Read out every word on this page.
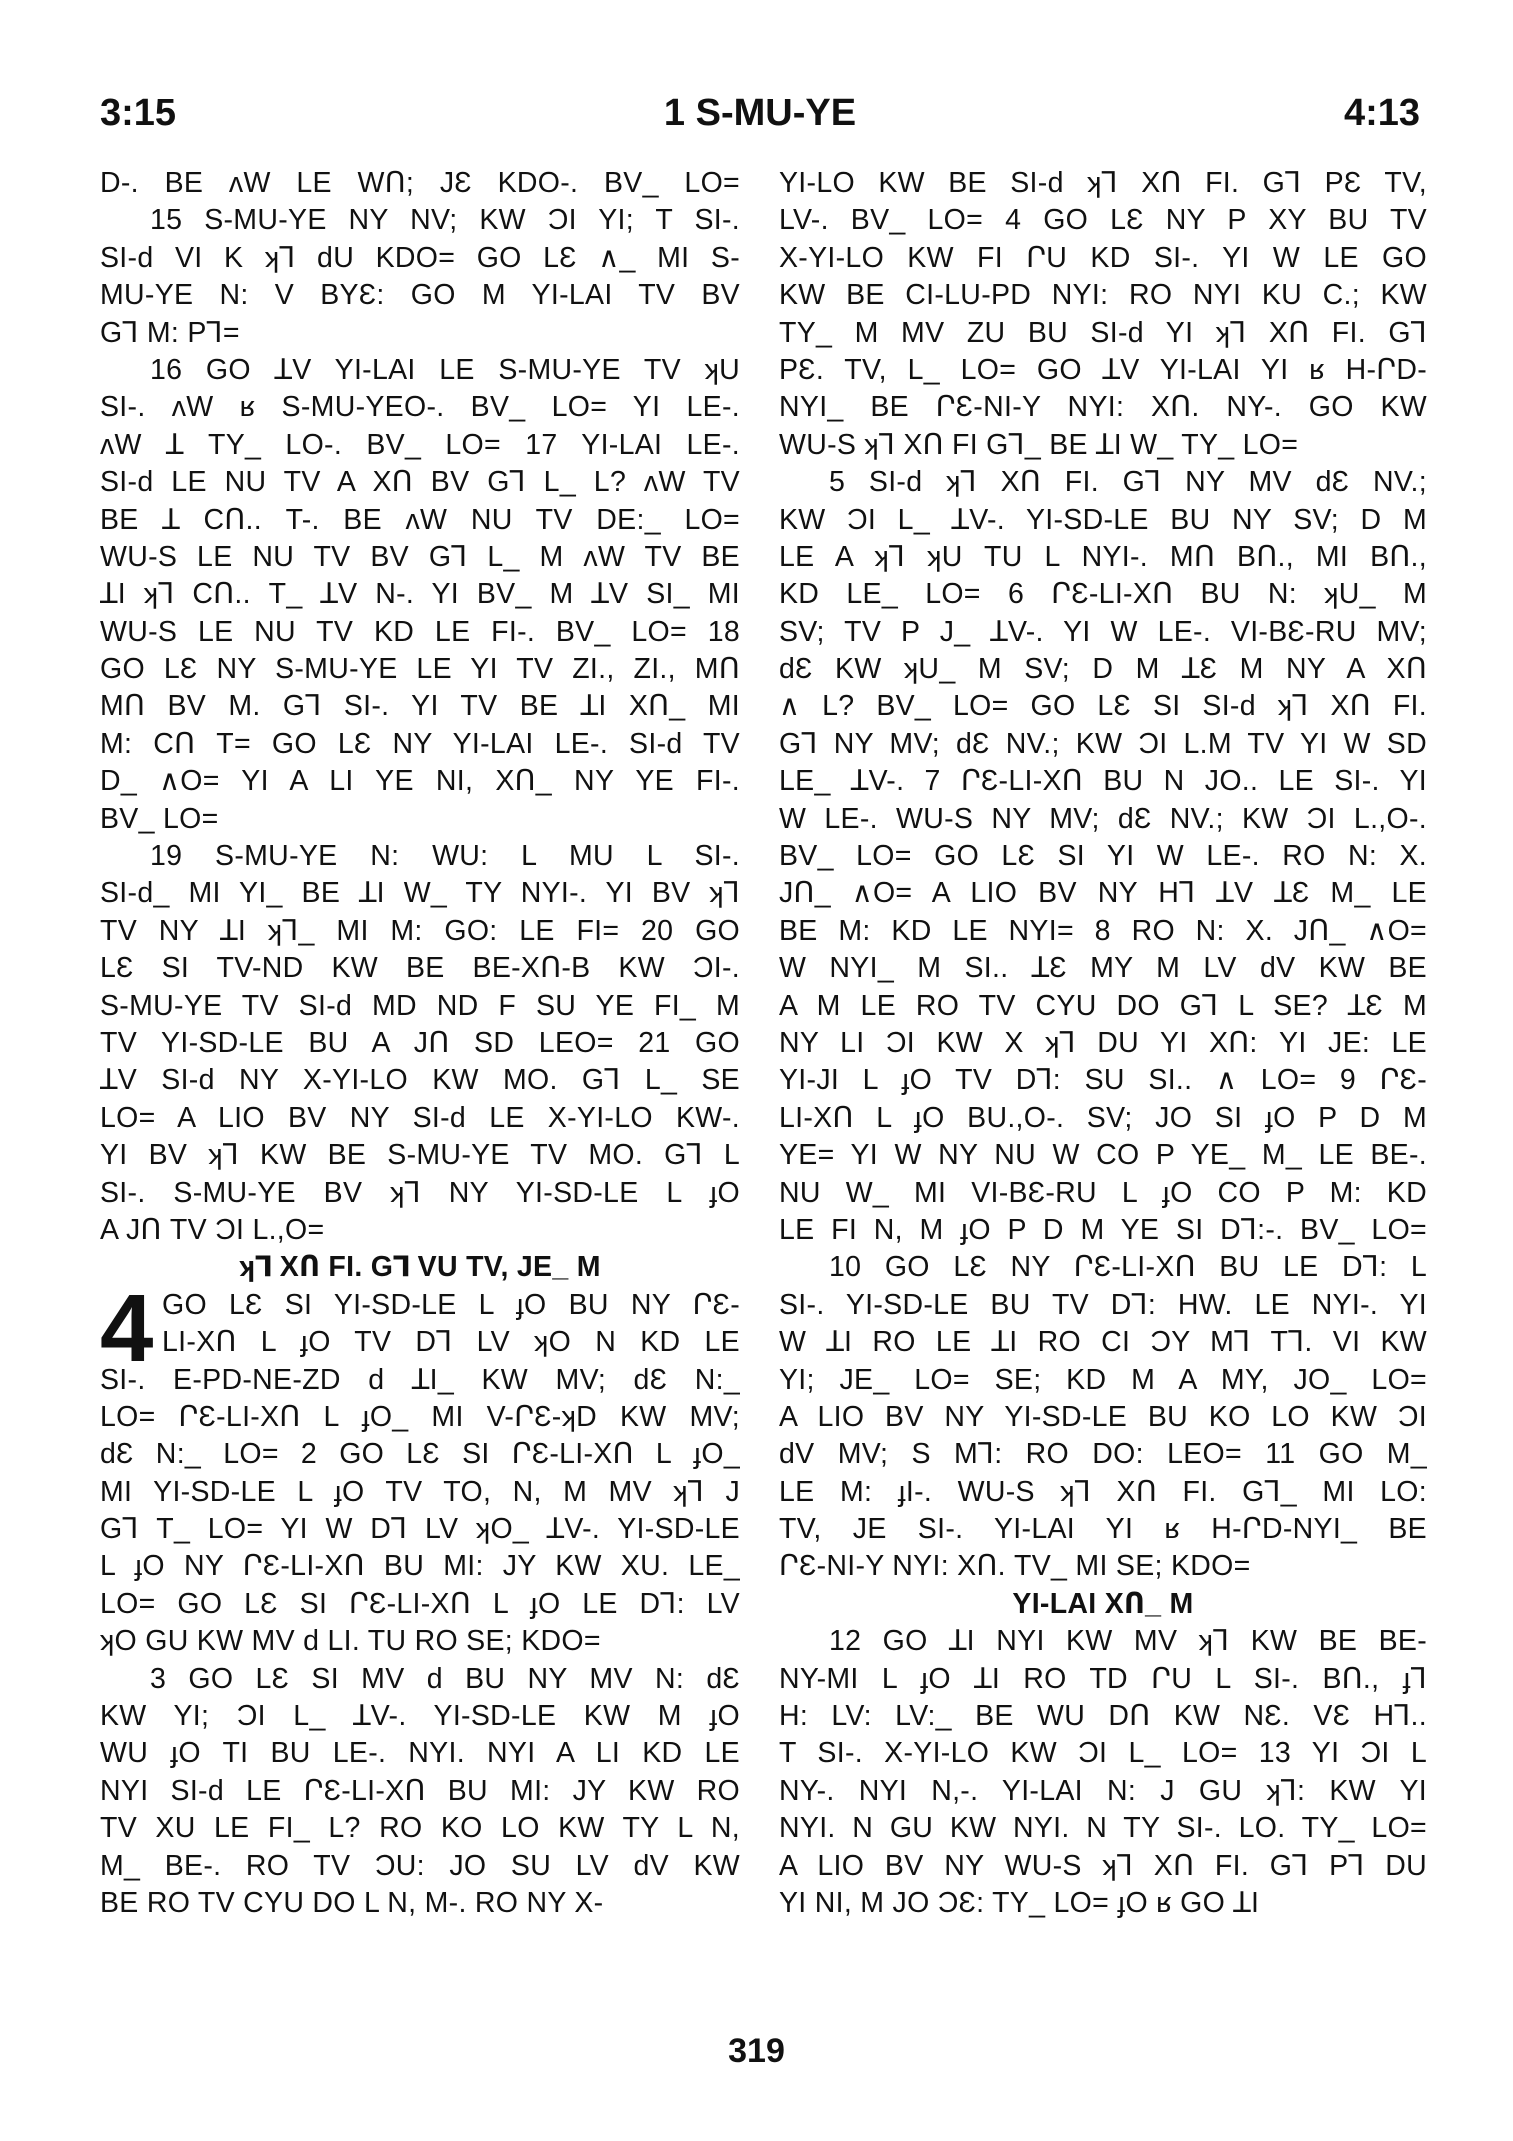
3:15	1 S-MU-YE	4:13
D-. BE ʌW LE WՈ; JƐ KDO-. BV_ LO=
15 S-MU-YE NY NV; KW ƆI YI; T SI-.
SI-d VI K ʞꓶ dU KDO= GO LƐ ∧_ MI S-
MU-YE N: V BYƐ: GO M YI-LAI TV BV
Gꓶ M: Pꓶ=
16 GO ꓕV YI-LAI LE S-MU-YE TV ʞU
SI-. ʌW ʁ S-MU-YEO-. BV_ LO= YI LE-.
ʌW ꓕ TY_ LO-. BV_ LO= 17 YI-LAI LE-.
SI-d LE NU TV A XՈ BV Gꓶ L_ L? ʌW TV
BE ꓕ CՈ.. T-. BE ʌW NU TV DE:_ LO=
WU-S LE NU TV BV Gꓶ L_ M ʌW TV BE
ꓕI ʞꓶ CՈ.. T_ ꓕV N-. YI BV_ M ꓕV SI_ MI
WU-S LE NU TV KD LE FI-. BV_ LO= 18
GO LƐ NY S-MU-YE LE YI TV ZI., ZI., MՈ
MՈ BV M. Gꓶ SI-. YI TV BE ꓕI XՈ_ MI
M: CՈ T= GO LƐ NY YI-LAI LE-. SI-d TV
D_ ∧O= YI A LI YE NI, XՈ_ NY YE FI-.
BV_ LO=
19 S-MU-YE N: WU: L MU L SI-.
SI-d_ MI YI_ BE ꓕI W_ TY NYI-. YI BV ʞꓶ
TV NY ꓕI ʞꓶ_ MI M: GO: LE FI= 20 GO
LƐ SI TV-ND KW BE BE-XՈ-B KW ƆI-.
S-MU-YE TV SI-d MD ND F SU YE FI_ M
TV YI-SD-LE BU A JՈ SD LEO= 21 GO
ꓕV SI-d NY X-YI-LO KW MO. Gꓶ L_ SE
LO= A LIO BV NY SI-d LE X-YI-LO KW-.
YI BV ʞꓶ KW BE S-MU-YE TV MO. Gꓶ L
SI-. S-MU-YE BV ʞꓶ NY YI-SD-LE L ɟO
A JՈ TV ƆI L.,O=
ʞꓶ XՈ FI. Gꓶ VU TV, JE_ M
4 GO LƐ SI YI-SD-LE L ɟO BU NY ՐƐ-
LI-XՈ L ɟO TV Dꓶ LV ʞO N KD LE
SI-. E-PD-NE-ZD d ꓕI_ KW MV; dƐ N:_
LO= ՐƐ-LI-XՈ L ɟO_ MI V-ՐƐ-ʞD KW MV;
dƐ N:_ LO= 2 GO LƐ SI ՐƐ-LI-XՈ L ɟO_
MI YI-SD-LE L ɟO TV TO, N, M MV ʞꓶ J
Gꓶ T_ LO= YI W Dꓶ LV ʞO_ ꓕV-. YI-SD-LE
L ɟO NY ՐƐ-LI-XՈ BU MI: JY KW XU. LE_
LO= GO LƐ SI ՐƐ-LI-XՈ L ɟO LE Dꓶ: LV
ʞO GU KW MV d LI. TU RO SE; KDO=
3 GO LƐ SI MV d BU NY MV N: dƐ
KW YI; ƆI L_ ꓕV-. YI-SD-LE KW M ɟO
WU ɟO TI BU LE-. NYI. NYI A LI KD LE
NYI SI-d LE ՐƐ-LI-XՈ BU MI: JY KW RO
TV XU LE FI_ L? RO KO LO KW TY L N,
M_ BE-. RO TV ƆU: JO SU LV dV KW
BE RO TV CYU DO L N, M-. RO NY X-
YI-LO KW BE SI-d ʞꓶ XՈ FI. Gꓶ PƐ TV,
LV-. BV_ LO= 4 GO LƐ NY P XY BU TV
X-YI-LO KW FI ՐU KD SI-. YI W LE GO
KW BE CI-LU-PD NYI: RO NYI KU C.; KW
TY_ M MV ZU BU SI-d YI ʞꓶ XՈ FI. Gꓶ
PƐ. TV, L_ LO= GO ꓕV YI-LAI YI ʁ H-ՐD-
NYI_ BE ՐƐ-NI-Y NYI: XՈ. NY-. GO KW
WU-S ʞꓶ XՈ FI Gꓶ_ BE ꓕI W_ TY_ LO=
5 SI-d ʞꓶ XՈ FI. Gꓶ NY MV dƐ NV.;
KW ƆI L_ ꓕV-. YI-SD-LE BU NY SV; D M
LE A ʞꓶ ʞU TU L NYI-. MՈ BՈ., MI BՈ.,
KD LE_ LO= 6 ՐƐ-LI-XՈ BU N: ʞU_ M
SV; TV P J_ ꓕV-. YI W LE-. VI-BƐ-RU MV;
dƐ KW ʞU_ M SV; D M ꓕƐ M NY A XՈ
∧ L? BV_ LO= GO LƐ SI SI-d ʞꓶ XՈ FI.
Gꓶ NY MV; dƐ NV.; KW ƆI L.M TV YI W SD
LE_ ꓕV-. 7 ՐƐ-LI-XՈ BU N JO.. LE SI-. YI
W LE-. WU-S NY MV; dƐ NV.; KW ƆI L.,O-.
BV_ LO= GO LƐ SI YI W LE-. RO N: X.
JՈ_ ∧O= A LIO BV NY Hꓶ ꓕV ꓕƐ M_ LE
BE M: KD LE NYI= 8 RO N: X. JՈ_ ∧O=
W NYI_ M SI.. ꓕƐ MY M LV dV KW BE
A M LE RO TV CYU DO Gꓶ L SE? ꓕƐ M
NY LI ƆI KW X ʞꓶ DU YI XՈ: YI JE: LE
YI-JI L ɟO TV Dꓶ: SU SI.. ∧ LO= 9 ՐƐ-
LI-XՈ L ɟO BU.,O-. SV; JO SI ɟO P D M
YE= YI W NY NU W CO P YE_ M_ LE BE-.
NU W_ MI VI-BƐ-RU L ɟO CO P M: KD
LE FI N, M ɟO P D M YE SI Dꓶ:-. BV_ LO=
10 GO LƐ NY ՐƐ-LI-XՈ BU LE Dꓶ: L
SI-. YI-SD-LE BU TV Dꓶ: HW. LE NYI-. YI
W ꓕI RO LE ꓕI RO CI ƆY Mꓶ Tꓶ. VI KW
YI; JE_ LO= SE; KD M A MY, JO_ LO=
A LIO BV NY YI-SD-LE BU KO LO KW ƆI
dV MV; S Mꓶ: RO DO: LEO= 11 GO M_
LE M: ɟI-. WU-S ʞꓶ XՈ FI. Gꓶ_ MI LO:
TV, JE SI-. YI-LAI YI ʁ H-ՐD-NYI_ BE
ՐƐ-NI-Y NYI: XՈ. TV_ MI SE; KDO=
YI-LAI XՈ_ M
12 GO ꓕI NYI KW MV ʞꓶ KW BE BE-
NY-MI L ɟO ꓕI RO TD ՐU L SI-. BՈ., ɟꓶ
H: LV: LV:_ BE WU DՈ KW NƐ. VƐ Hꓶ..
T SI-. X-YI-LO KW ƆI L_ LO= 13 YI ƆI L
NY-. NYI N,-. YI-LAI N: J GU ʞꓶ: KW YI
NYI. N GU KW NYI. N TY SI-. LO. TY_ LO=
A LIO BV NY WU-S ʞꓶ XՈ FI. Gꓶ Pꓶ DU
YI NI, M JO ƆƐ: TY_ LO= ɟO ʁ GO ꓕI
319
